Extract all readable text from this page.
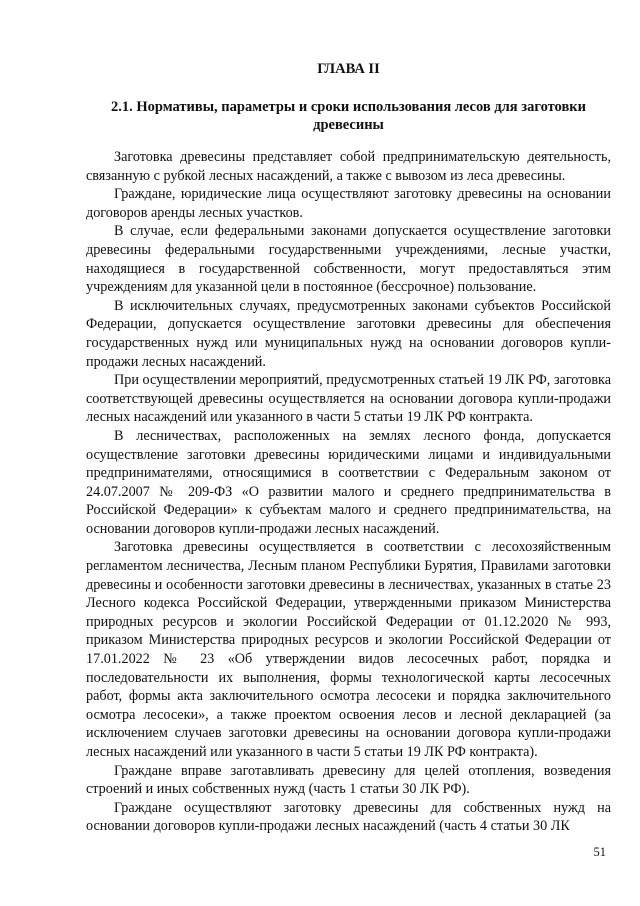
ГЛАВА II

2.1. Нормативы, параметры и сроки использования лесов для заготовки древесины

Заготовка древесины представляет собой предпринимательскую деятельность, связанную с рубкой лесных насаждений, а также с вывозом из леса древесины.

Граждане, юридические лица осуществляют заготовку древесины на основании договоров аренды лесных участков.

В случае, если федеральными законами допускается осуществление заготовки древесины федеральными государственными учреждениями, лесные участки, находящиеся в государственной собственности, могут предоставляться этим учреждениям для указанной цели в постоянное (бессрочное) пользование.

В исключительных случаях, предусмотренных законами субъектов Российской Федерации, допускается осуществление заготовки древесины для обеспечения государственных нужд или муниципальных нужд на основании договоров купли-продажи лесных насаждений.

При осуществлении мероприятий, предусмотренных статьей 19 ЛК РФ, заготовка соответствующей древесины осуществляется на основании договора купли-продажи лесных насаждений или указанного в части 5 статьи 19 ЛК РФ контракта.

В лесничествах, расположенных на землях лесного фонда, допускается осуществление заготовки древесины юридическими лицами и индивидуальными предпринимателями, относящимися в соответствии с Федеральным законом от 24.07.2007 № 209-ФЗ «О развитии малого и среднего предпринимательства в Российской Федерации» к субъектам малого и среднего предпринимательства, на основании договоров купли-продажи лесных насаждений.

Заготовка древесины осуществляется в соответствии с лесохозяйственным регламентом лесничества, Лесным планом Республики Бурятия, Правилами заготовки древесины и особенности заготовки древесины в лесничествах, указанных в статье 23 Лесного кодекса Российской Федерации, утвержденными приказом Министерства природных ресурсов и экологии Российской Федерации от 01.12.2020 № 993, приказом Министерства природных ресурсов и экологии Российской Федерации от 17.01.2022 № 23 «Об утверждении видов лесосечных работ, порядка и последовательности их выполнения, формы технологической карты лесосечных работ, формы акта заключительного осмотра лесосеки и порядка заключительного осмотра лесосеки», а также проектом освоения лесов и лесной декларацией (за исключением случаев заготовки древесины на основании договора купли-продажи лесных насаждений или указанного в части 5 статьи 19 ЛК РФ контракта).

Граждане вправе заготавливать древесину для целей отопления, возведения строений и иных собственных нужд (часть 1 статьи 30 ЛК РФ).

Граждане осуществляют заготовку древесины для собственных нужд на основании договоров купли-продажи лесных насаждений (часть 4 статьи 30 ЛК

51
